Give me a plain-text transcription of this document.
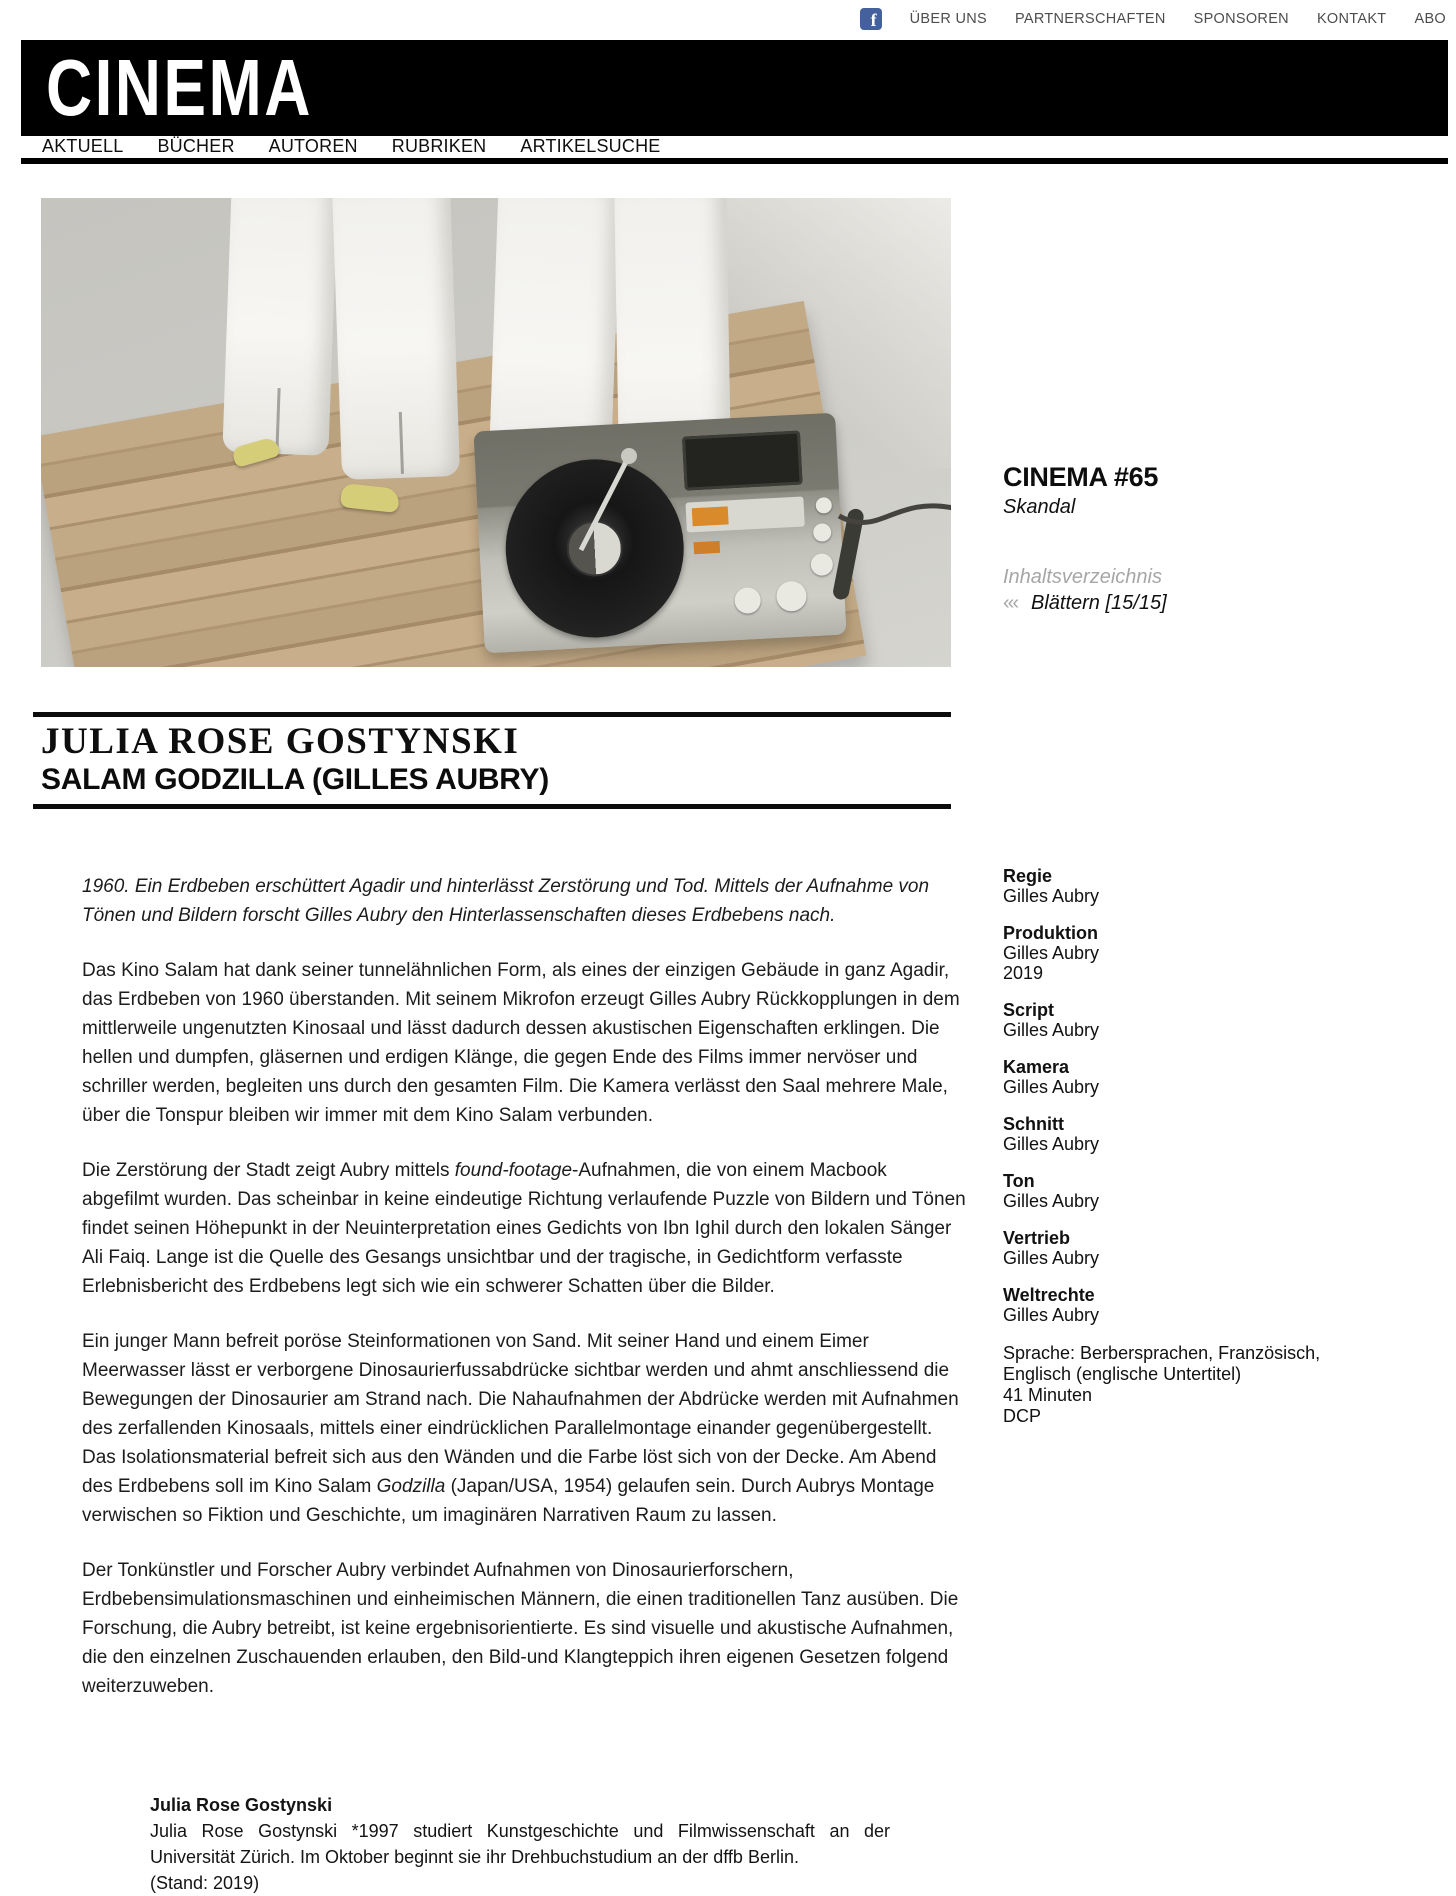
f ÜBER UNS PARTNERSCHAFTEN SPONSOREN KONTAKT ABO
CINEMA
AKTUELL BÜCHER AUTOREN RUBRIKEN ARTIKELSUCHE
CINEMA #65
Skandal
Inhaltsverzeichnis
‹‹‹ Blättern [15/15]
JULIA ROSE GOSTYNSKI
SALAM GODZILLA (GILLES AUBRY)

1960. Ein Erdbeben erschüttert Agadir und hinterlässt Zerstörung und Tod. Mittels der Aufnahme von Tönen und Bildern forscht Gilles Aubry den Hinterlassenschaften dieses Erdbebens nach.

Das Kino Salam hat dank seiner tunnelähnlichen Form, als eines der einzigen Gebäude in ganz Agadir, das Erdbeben von 1960 überstanden. Mit seinem Mikrofon erzeugt Gilles Aubry Rückkopplungen in dem mittlerweile ungenutzten Kinosaal und lässt dadurch dessen akustischen Eigenschaften erklingen. Die hellen und dumpfen, gläsernen und erdigen Klänge, die gegen Ende des Films immer nervöser und schriller werden, begleiten uns durch den gesamten Film. Die Kamera verlässt den Saal mehrere Male, über die Tonspur bleiben wir immer mit dem Kino Salam verbunden.

Die Zerstörung der Stadt zeigt Aubry mittels found-footage-Aufnahmen, die von einem Macbook abgefilmt wurden. Das scheinbar in keine eindeutige Richtung verlaufende Puzzle von Bildern und Tönen findet seinen Höhepunkt in der Neuinterpretation eines Gedichts von Ibn Ighil durch den lokalen Sänger Ali Faiq. Lange ist die Quelle des Gesangs unsichtbar und der tragische, in Gedichtform verfasste Erlebnisbericht des Erdbebens legt sich wie ein schwerer Schatten über die Bilder.

Ein junger Mann befreit poröse Steinformationen von Sand. Mit seiner Hand und einem Eimer Meerwasser lässt er verborgene Dinosaurierfussabdrücke sichtbar werden und ahmt anschliessend die Bewegungen der Dinosaurier am Strand nach. Die Nahaufnahmen der Abdrücke werden mit Aufnahmen des zerfallenden Kinosaals, mittels einer eindrücklichen Parallelmontage einander gegenübergestellt. Das Isolationsmaterial befreit sich aus den Wänden und die Farbe löst sich von der Decke. Am Abend des Erdbebens soll im Kino Salam Godzilla (Japan/USA, 1954) gelaufen sein. Durch Aubrys Montage verwischen so Fiktion und Geschichte, um imaginären Narrativen Raum zu lassen.

Der Tonkünstler und Forscher Aubry verbindet Aufnahmen von Dinosaurierforschern, Erdbebensimulationsmaschinen und einheimischen Männern, die einen traditionellen Tanz ausüben. Die Forschung, die Aubry betreibt, ist keine ergebnisorientierte. Es sind visuelle und akustische Aufnahmen, die den einzelnen Zuschauenden erlauben, den Bild-und Klangteppich ihren eigenen Gesetzen folgend weiterzuweben.

Regie
Gilles Aubry
Produktion
Gilles Aubry
2019
Script
Gilles Aubry
Kamera
Gilles Aubry
Schnitt
Gilles Aubry
Ton
Gilles Aubry
Vertrieb
Gilles Aubry
Weltrechte
Gilles Aubry
Sprache: Berbersprachen, Französisch, Englisch (englische Untertitel)
41 Minuten
DCP
Julia Rose Gostynski
Julia Rose Gostynski *1997 studiert Kunstgeschichte und Filmwissenschaft an der Universität Zürich. Im Oktober beginnt sie ihr Drehbuchstudium an der dffb Berlin.
(Stand: 2019)
